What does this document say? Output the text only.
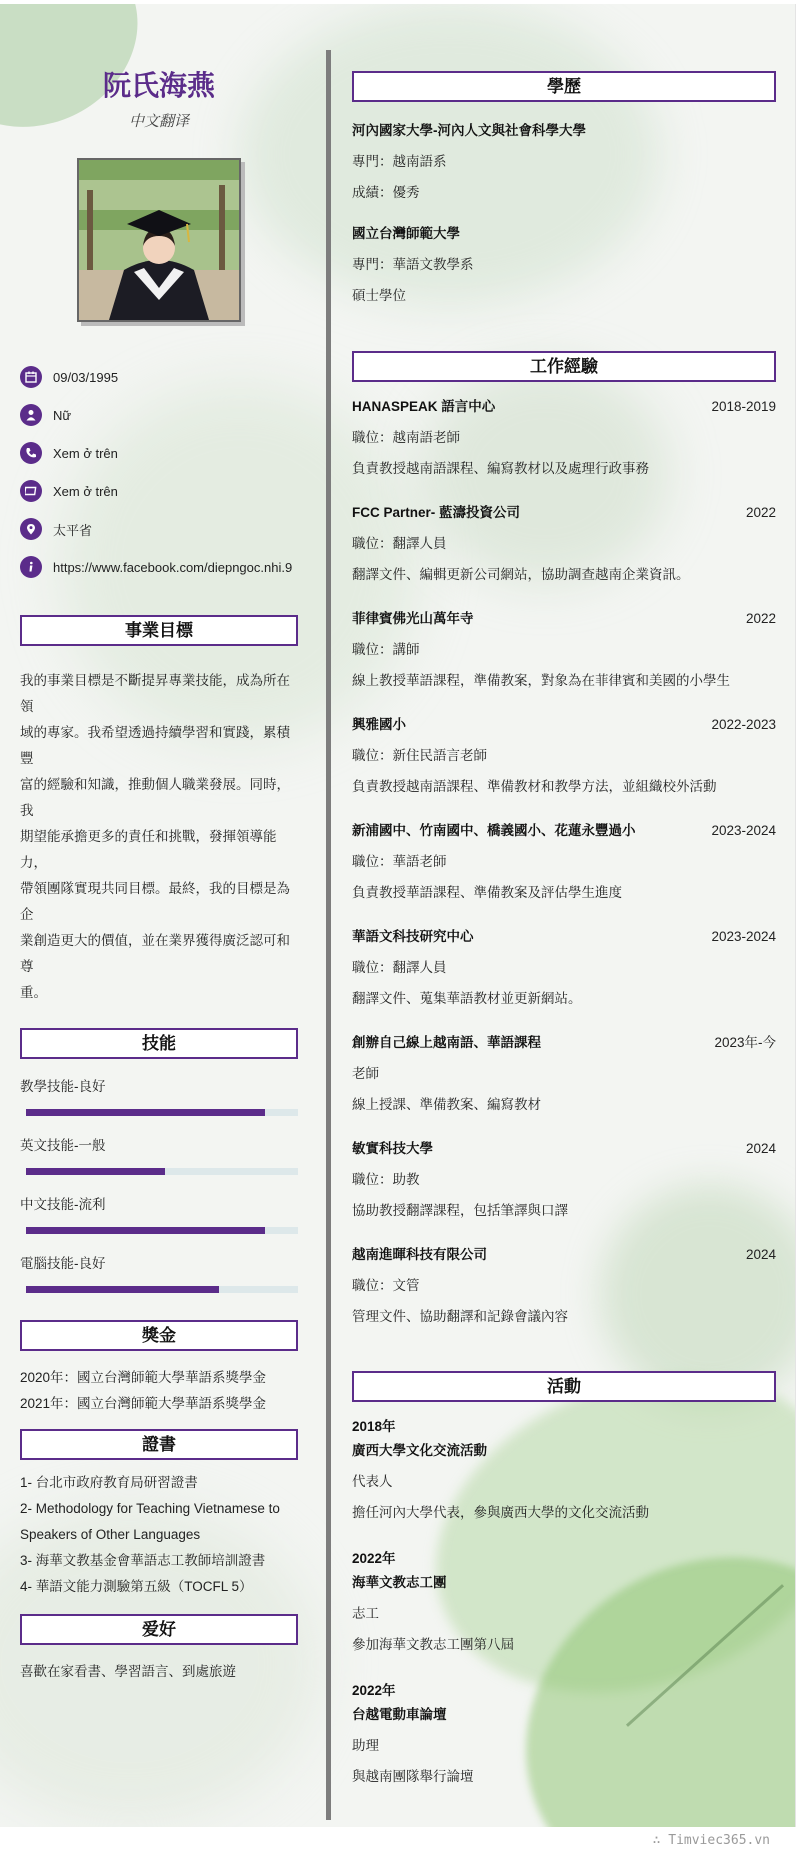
阮氏海燕
中文翻译
09/03/1995
Nữ
Xem ở trên
Xem ở trên
太平省
https://www.facebook.com/diepngoc.nhi.9
事業目標
我的事業目標是不斷提昇專業技能，成為所在領
域的專家。我希望透過持續學習和實踐，累積豐
富的經驗和知識，推動個人職業發展。同時，我
期望能承擔更多的責任和挑戰，發揮領導能力，
帶領團隊實現共同目標。最終，我的目標是為企
業創造更大的價值，並在業界獲得廣泛認可和尊
重。
技能
教學技能-良好
英文技能-一般
中文技能-流利
電腦技能-良好
獎金
2020年：國立台灣師範大學華語系獎學金
2021年：國立台灣師範大學華語系獎學金
證書
1- 台北市政府教育局研習證書
2- Methodology for Teaching Vietnamese to
Speakers of Other Languages
3- 海華文教基金會華語志工教師培訓證書
4- 華語文能力測驗第五級（TOCFL 5）
爱好
喜歡在家看書、學習語言、到處旅遊
學歷
河內國家大學-河內人文與社會科學大學
專門：越南語系
成績：優秀
國立台灣師範大學
專門：華語文教學系
碩士學位
工作經驗
HANASPEAK 語言中心	2018-2019
職位：越南語老師
負責教授越南語課程、編寫教材以及處理行政事務
FCC Partner- 藍濤投資公司	2022
職位：翻譯人員
翻譯文件、編輯更新公司網站，協助調查越南企業資訊。
菲律賓佛光山萬年寺	2022
職位：講師
線上教授華語課程，準備教案，對象為在菲律賓和美國的小學生
興雅國小	2022-2023
職位：新住民語言老師
負責教授越南語課程、準備教材和教學方法，並組織校外活動
新浦國中、竹南國中、橋義國小、花蓮永豐過小	2023-2024
職位：華語老師
負責教授華語課程、準備教案及評估學生進度
華語文科技研究中心	2023-2024
職位：翻譯人員
翻譯文件、蒐集華語教材並更新網站。
創辦自己線上越南語、華語課程	2023年-今
老師
線上授課、準備教案、編寫教材
敏實科技大學	2024
職位：助教
協助教授翻譯課程，包括筆譯與口譯
越南進暉科技有限公司	2024
職位：文管
管理文件、協助翻譯和記錄會議內容
活動
2018年
廣西大學文化交流活動
代表人
擔任河內大學代表，參與廣西大學的文化交流活動
2022年
海華文教志工團
志工
參加海華文教志工團第八屆
2022年
台越電動車論壇
助理
與越南團隊舉行論壇
∴ Timviec365.vn
